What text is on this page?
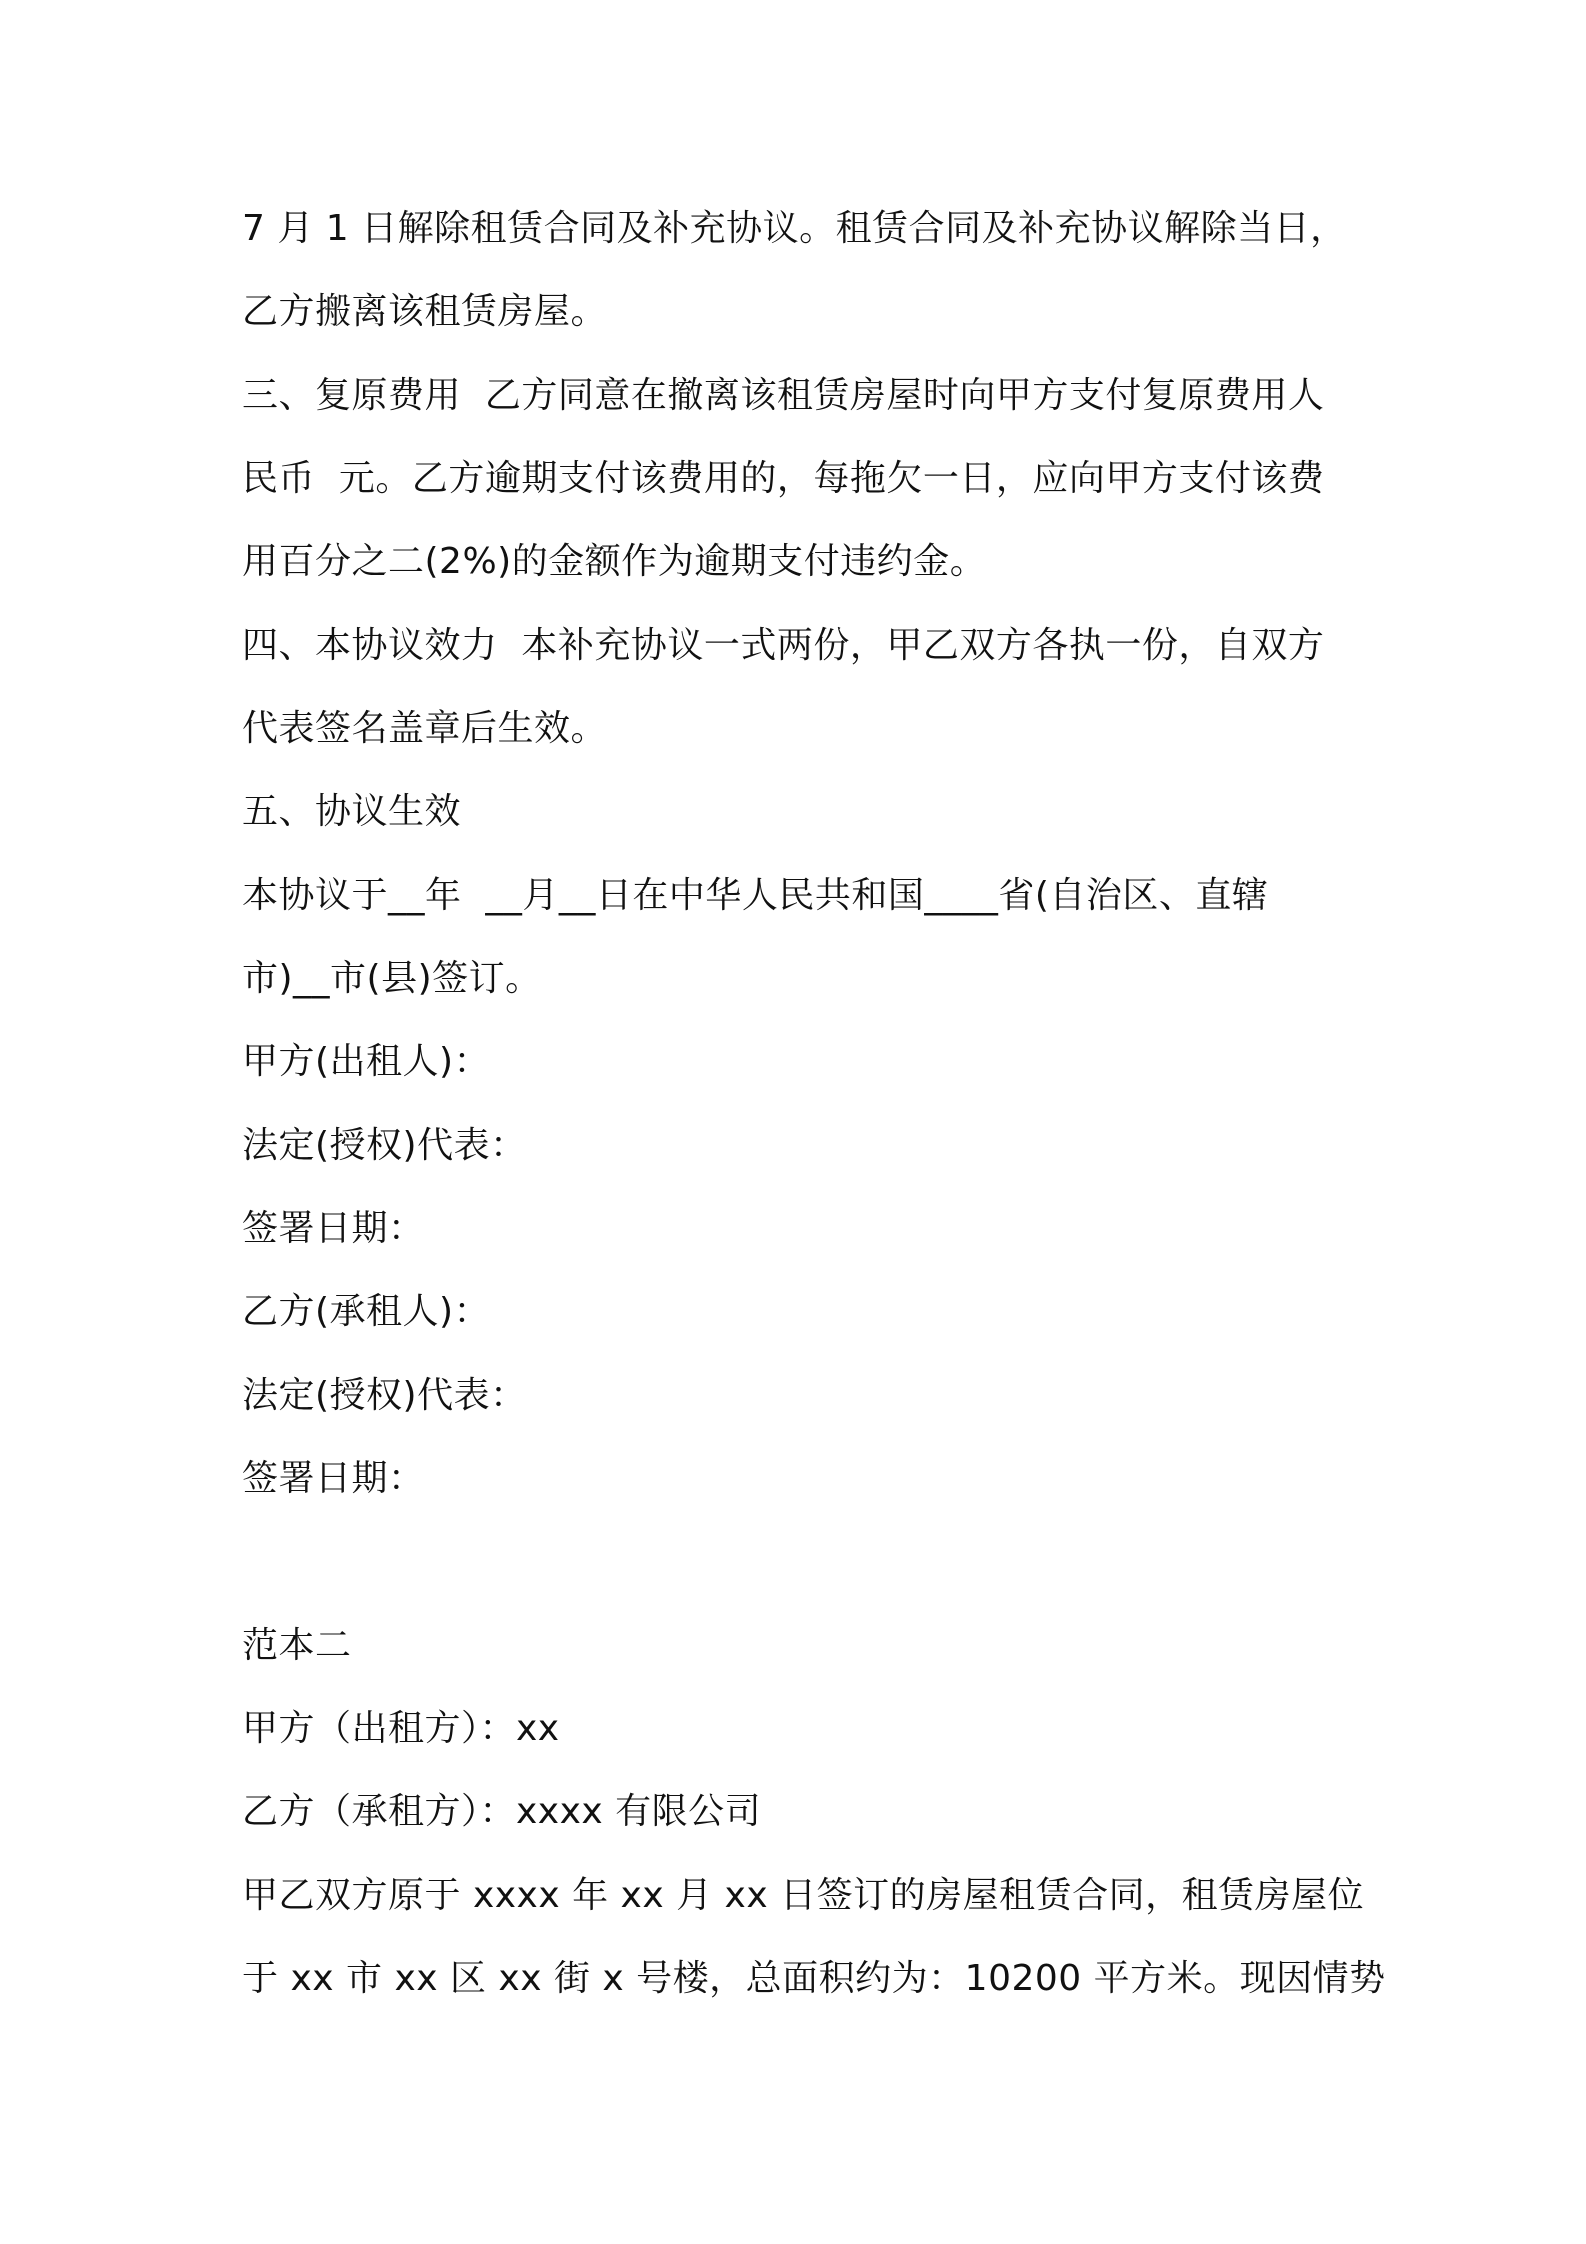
7 月 1 日解除租赁合同及补充协议。租赁合同及补充协议解除当日，
乙方搬离该租赁房屋。
三、复原费用  乙方同意在撤离该租赁房屋时向甲方支付复原费用人
民币  元。乙方逾期支付该费用的，每拖欠一日，应向甲方支付该费
用百分之二(2%)的金额作为逾期支付违约金。
四、本协议效力  本补充协议一式两份，甲乙双方各执一份，自双方
代表签名盖章后生效。
五、协议生效
本协议于__年  __月__日在中华人民共和国____省(自治区、直辖
市)__市(县)签订。
甲方(出租人)：
法定(授权)代表：
签署日期：
乙方(承租人)：
法定(授权)代表：
签署日期：
范本二
甲方（出租方）：xx
乙方（承租方）：xxxx 有限公司
甲乙双方原于 xxxx 年 xx 月 xx 日签订的房屋租赁合同，租赁房屋位
于 xx 市 xx 区 xx 街 x 号楼，总面积约为：10200 平方米。现因情势
